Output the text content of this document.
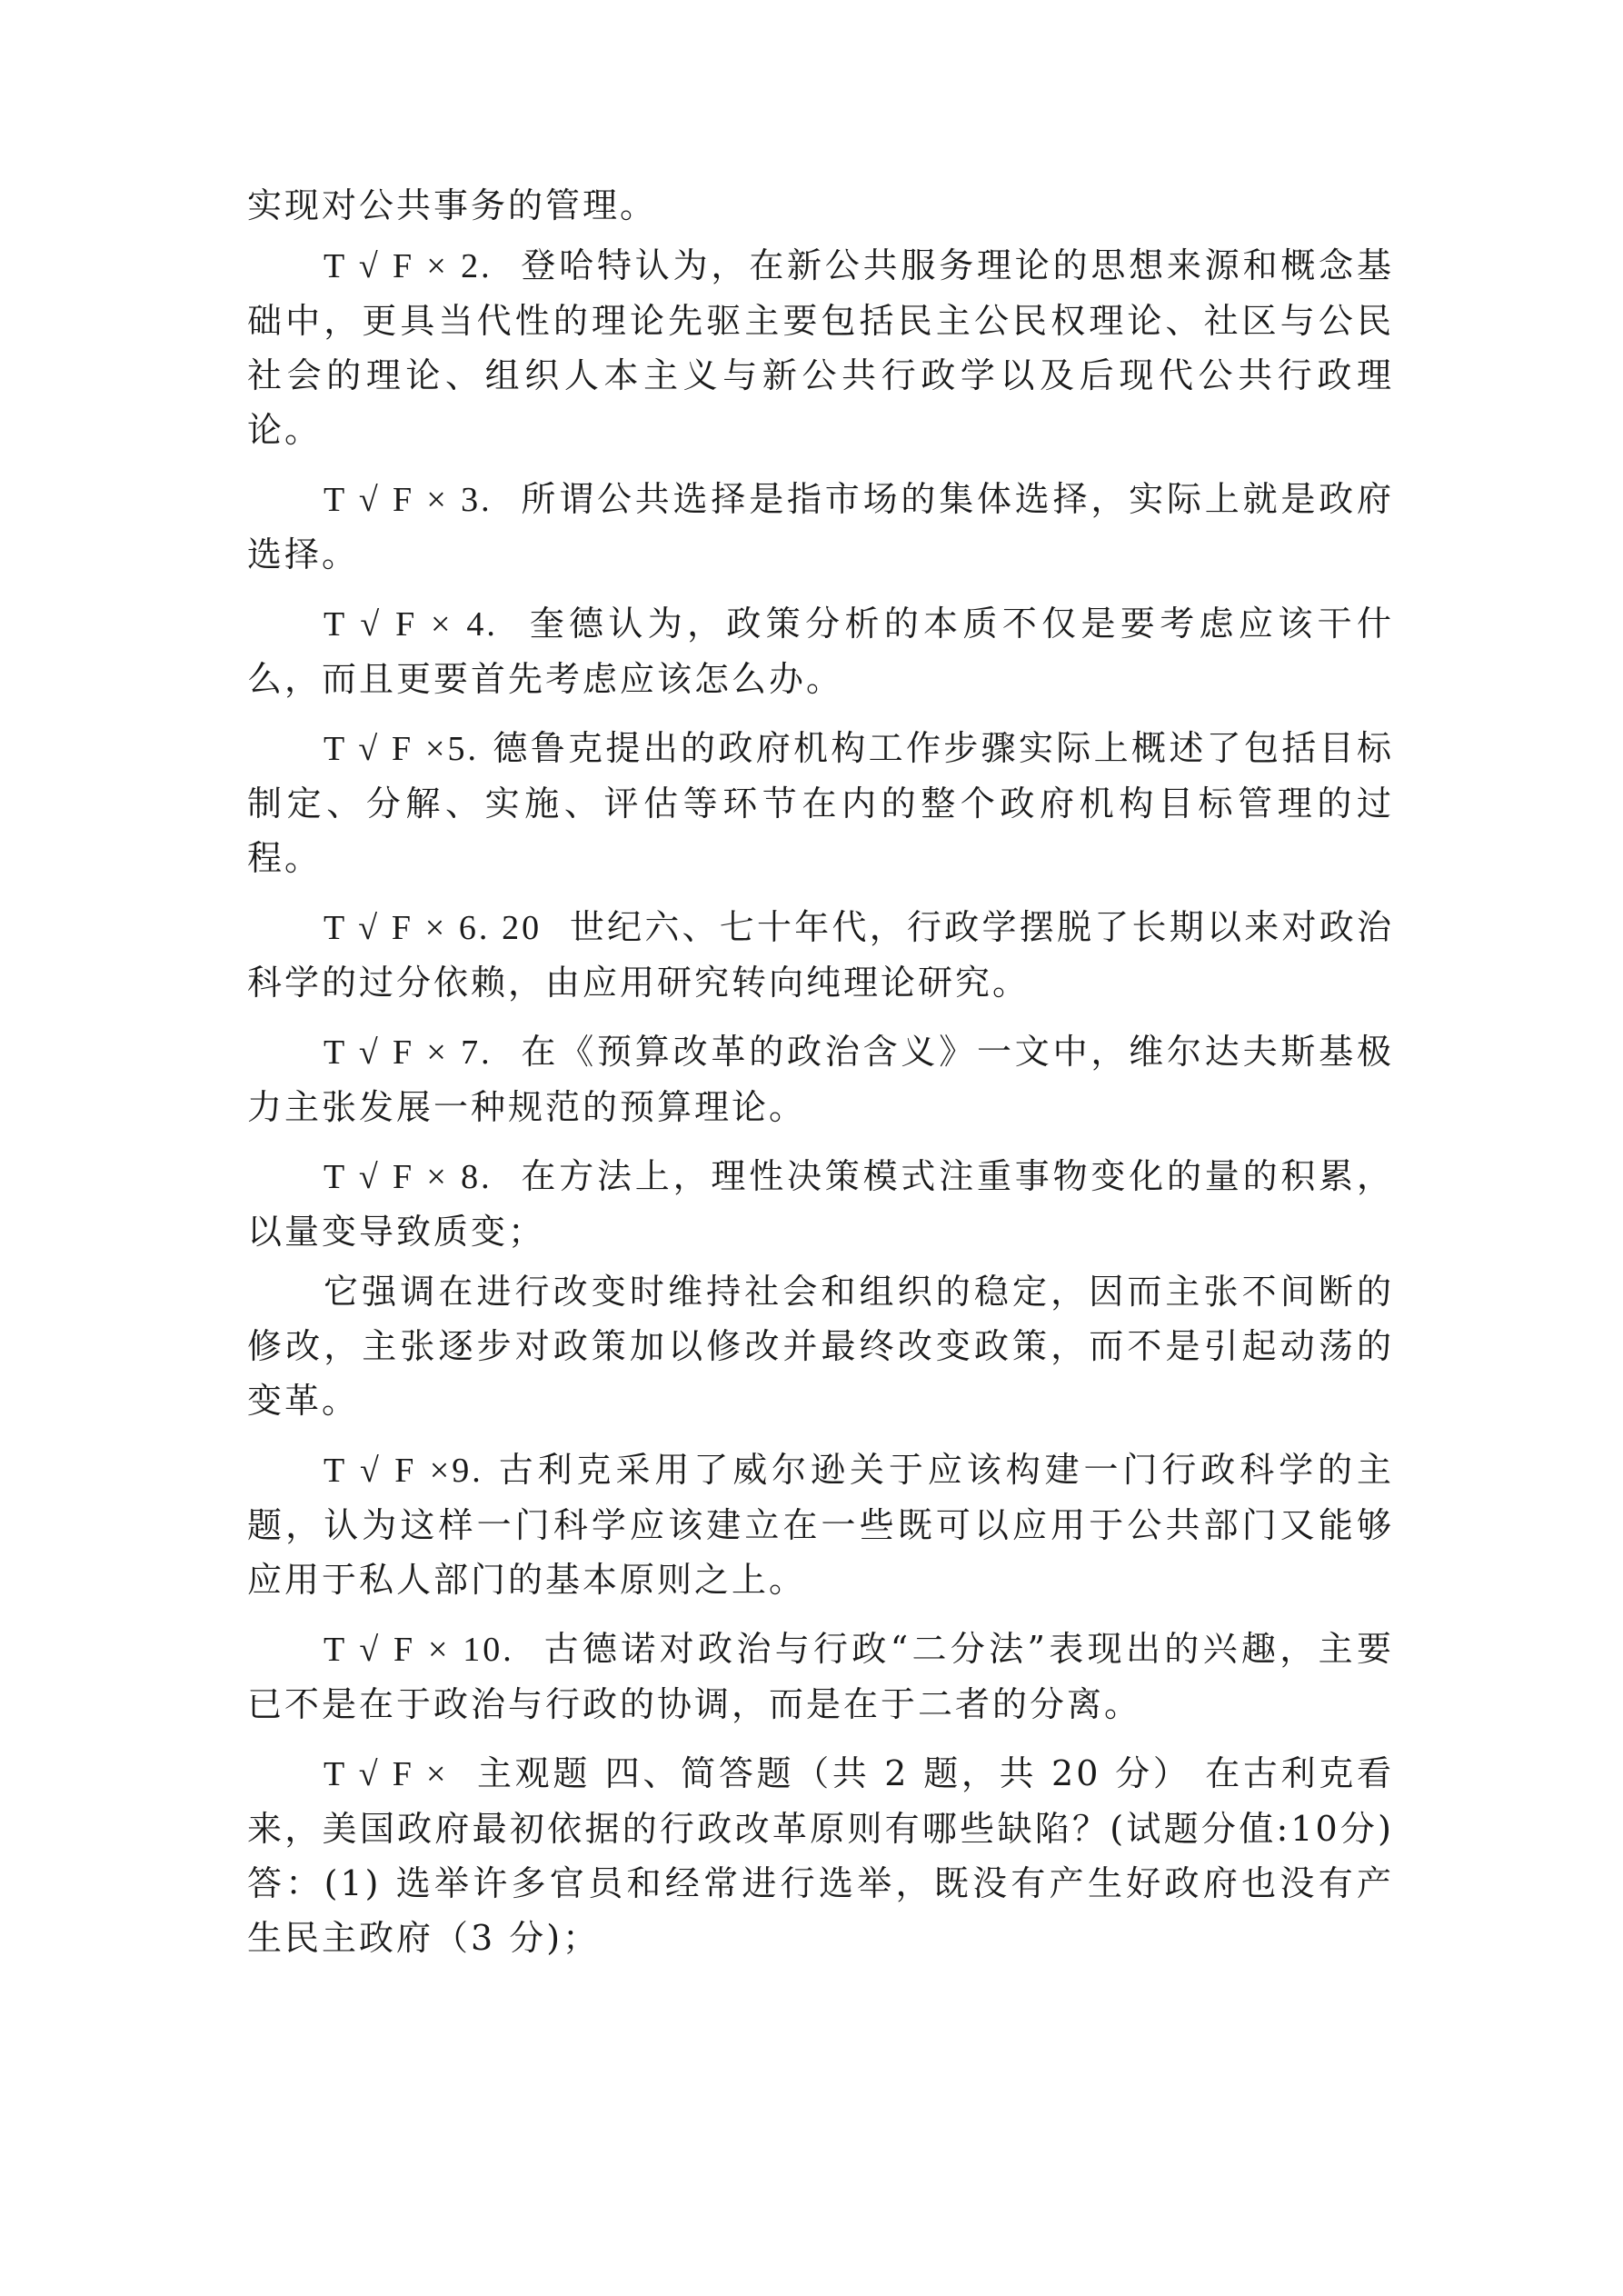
实现对公共事务的管理。

T √ F × 2. 登哈特认为，在新公共服务理论的思想来源和概念基础中，更具当代性的理论先驱主要包括民主公民权理论、社区与公民社会的理论、组织人本主义与新公共行政学以及后现代公共行政理论。

T √ F × 3. 所谓公共选择是指市场的集体选择，实际上就是政府选择。

T √ F × 4. 奎德认为，政策分析的本质不仅是要考虑应该干什么，而且更要首先考虑应该怎么办。

T √ F ×5. 德鲁克提出的政府机构工作步骤实际上概述了包括目标制定、分解、实施、评估等环节在内的整个政府机构目标管理的过程。

T √ F × 6. 20 世纪六、七十年代，行政学摆脱了长期以来对政治科学的过分依赖，由应用研究转向纯理论研究。

T √ F × 7. 在《预算改革的政治含义》一文中，维尔达夫斯基极力主张发展一种规范的预算理论。

T √ F × 8. 在方法上，理性决策模式注重事物变化的量的积累，以量变导致质变；

它强调在进行改变时维持社会和组织的稳定，因而主张不间断的修改，主张逐步对政策加以修改并最终改变政策，而不是引起动荡的变革。

T √ F ×9. 古利克采用了威尔逊关于应该构建一门行政科学的主题，认为这样一门科学应该建立在一些既可以应用于公共部门又能够应用于私人部门的基本原则之上。

T √ F × 10. 古德诺对政治与行政“二分法”表现出的兴趣，主要已不是在于政治与行政的协调，而是在于二者的分离。

T √ F × 主观题 四、简答题（共 2 题，共 20 分） 在古利克看来，美国政府最初依据的行政改革原则有哪些缺陷？(试题分值:10分) 答：(1) 选举许多官员和经常进行选举，既没有产生好政府也没有产生民主政府（3 分)；
